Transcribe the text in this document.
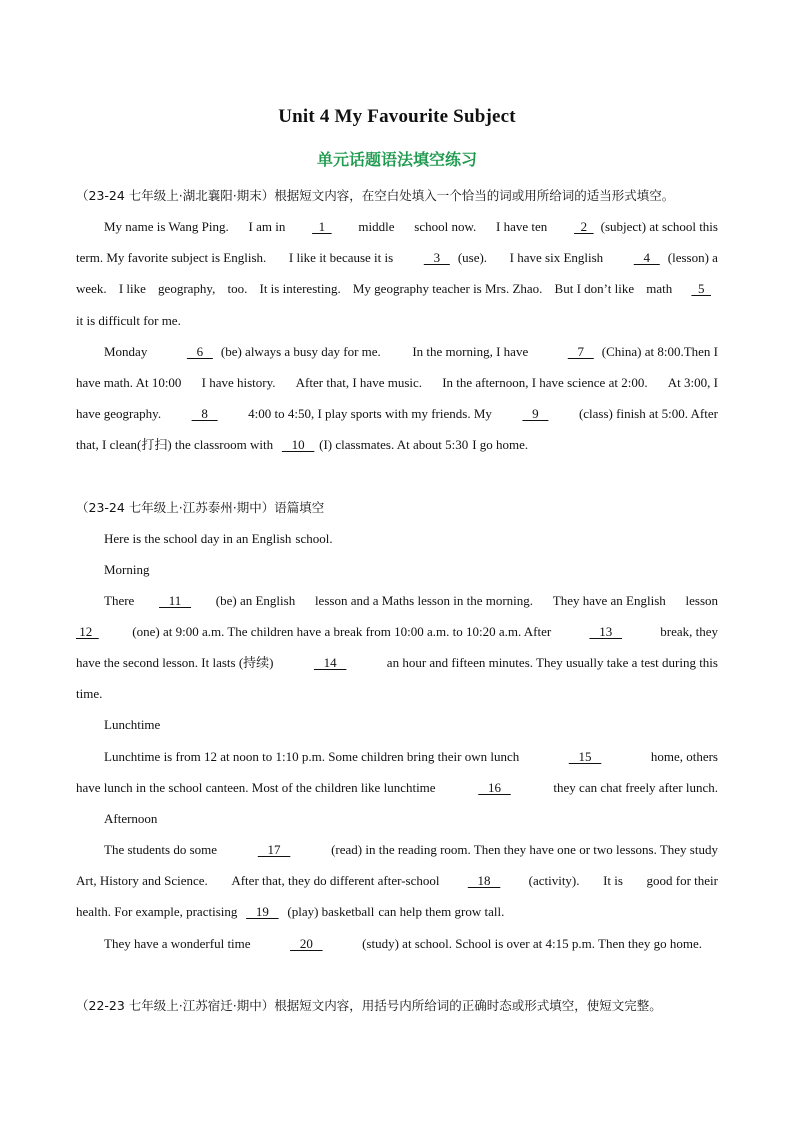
Unit 4 My Favourite Subject
单元话题语法填空练习
（23-24 七年级上·湖北襄阳·期末）根据短文内容，在空白处填入一个恰当的词或用所给词的适当形式填空。
My name is Wang Ping. I am in	1	middle school now. I have ten	2  (subject) at school this
term. My favorite subject is English. I like it because it is	3   (use). I have six English	4   (lesson) a
week. I like geography, too. It is interesting. My geography teacher is Mrs. Zhao. But I don’t like math	5
it is difficult for me.
Monday	6   (be) always a busy day for me. In the morning, I have	7   (China) at 8:00.Then I
have math. At 10:00 I have history. After that, I have music. In the afternoon, I have science at 2:00. At 3:00, I
have geography.	8	4:00 to 4:50, I play sports with my friends. My	9	(class) finish at 5:00. After
that, I clean(打扫) the classroom with   10   (I) classmates. At about 5:30 I go home.
（23-24 七年级上·江苏泰州·期中）语篇填空
Here is the school day in an English school.
Morning
There	11	(be) an English lesson and a Maths lesson in the morning. They have an English lesson
12	(one) at 9:00 a.m. The children have a break from 10:00 a.m. to 10:20 a.m. After	13	break, they
have the second lesson. It lasts (持续)	14	an hour and fifteen minutes. They usually take a test during this
time.
Lunchtime
Lunchtime is from 12 at noon to 1:10 p.m. Some children bring their own lunch	15	home, others
have lunch in the school canteen. Most of the children like lunchtime	16	they can chat freely after lunch.
Afternoon
The students do some	17	(read) in the reading room. Then they have one or two lessons. They study
Art, History and Science. After that, they do different after-school	18	(activity). It is good for their
health. For example, practising   19   (play) basketball can help them grow tall.
They have a wonderful time	20	(study) at school. School is over at 4:15 p.m. Then they go home.
（22-23 七年级上·江苏宿迁·期中）根据短文内容，用括号内所给词的正确时态或形式填空，使短文完整。
